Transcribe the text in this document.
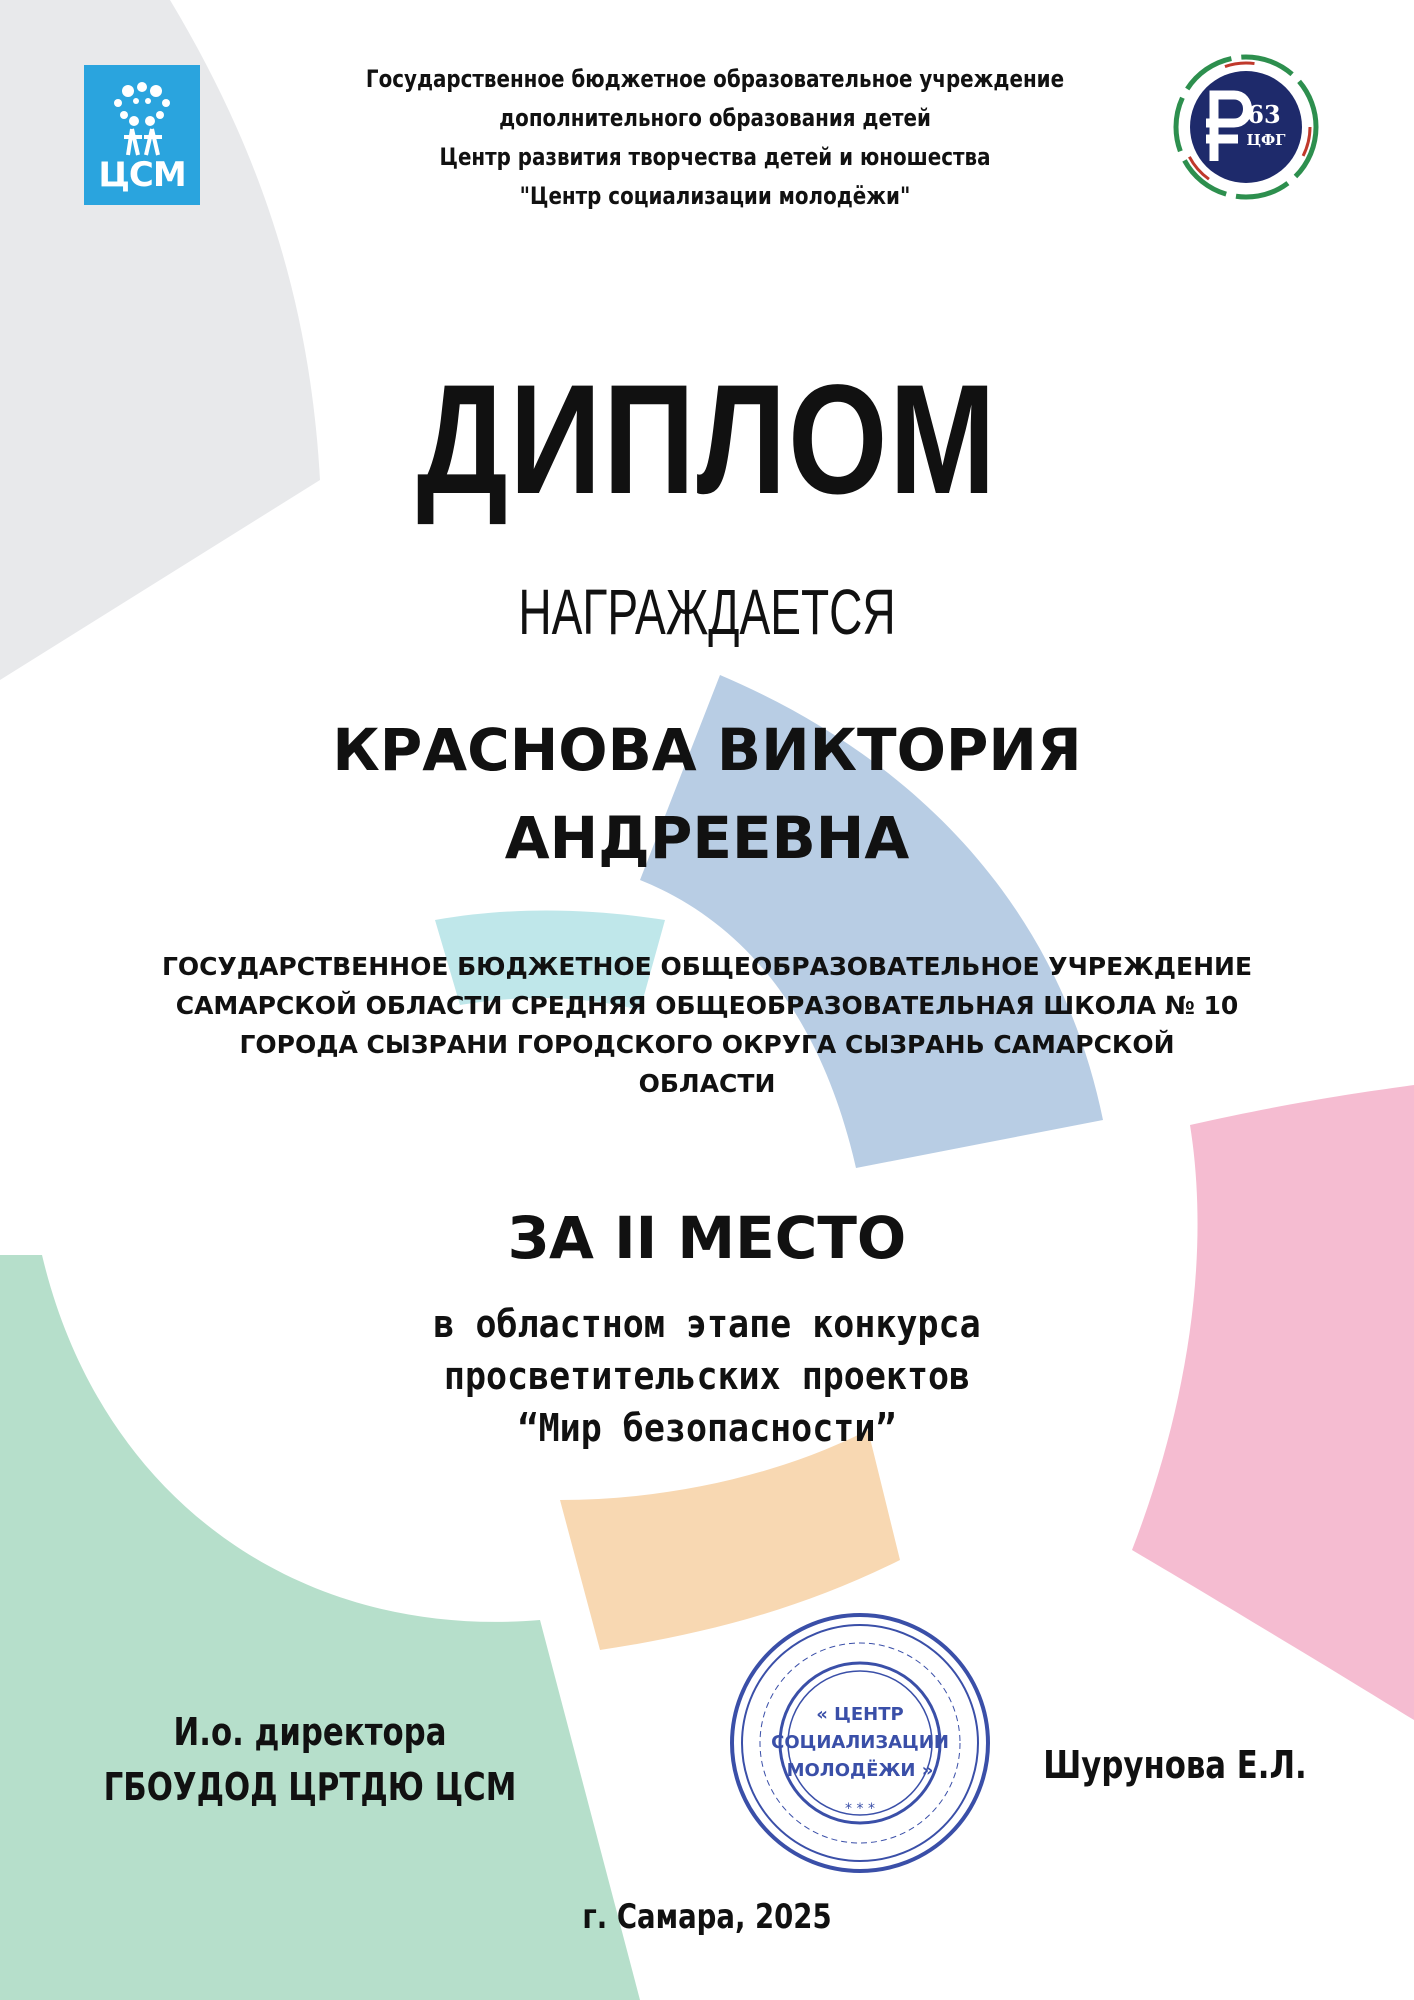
ЦСМ
Государственное бюджетное образовательное учреждение
дополнительного образования детей
Центр развития творчества детей и юношества
"Центр социализации молодёжи"
63
ЦФГ
ДИПЛОМ
НАГРАЖДАЕТСЯ
КРАСНОВА ВИКТОРИЯ
АНДРЕЕВНА
ГОСУДАРСТВЕННОЕ БЮДЖЕТНОЕ ОБЩЕОБРАЗОВАТЕЛЬНОЕ УЧРЕЖДЕНИЕ
САМАРСКОЙ ОБЛАСТИ СРЕДНЯЯ ОБЩЕОБРАЗОВАТЕЛЬНАЯ ШКОЛА № 10
ГОРОДА СЫЗРАНИ ГОРОДСКОГО ОКРУГА СЫЗРАНЬ САМАРСКОЙ
ОБЛАСТИ
ЗА II МЕСТО
в областном этапе конкурса
просветительских проектов
“Мир безопасности”
И.о. директора
ГБОУДОД ЦРТДЮ ЦСМ
« ЦЕНТР
СОЦИАЛИЗАЦИИ
МОЛОДЁЖИ »
* * *
Шурунова Е.Л.
г. Самара, 2025
